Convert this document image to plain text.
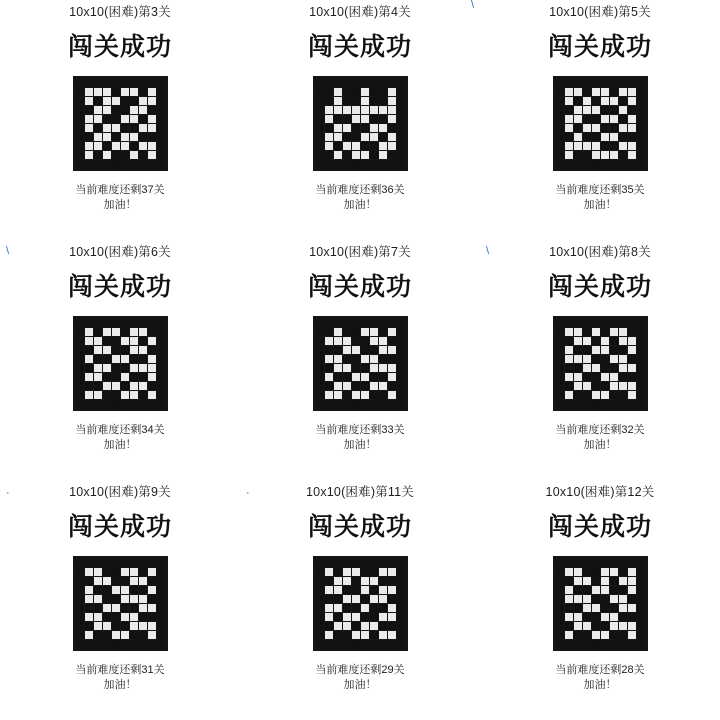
10x10(困难)第3关
闯关成功
当前难度还剩37关
加油！
\
10x10(困难)第4关
闯关成功
当前难度还剩36关
加油！
10x10(困难)第5关
闯关成功
当前难度还剩35关
加油！
\	10x10(困难)第6关
闯关成功
当前难度还剩34关
加油！
10x10(困难)第7关
闯关成功
当前难度还剩33关
加油！
\	10x10(困难)第8关
闯关成功
当前难度还剩32关
加油！
·	10x10(困难)第9关
闯关成功
当前难度还剩31关
加油！
·	10x10(困难)第11关
闯关成功
当前难度还剩29关
加油！
10x10(困难)第12关
闯关成功
当前难度还剩28关
加油！
